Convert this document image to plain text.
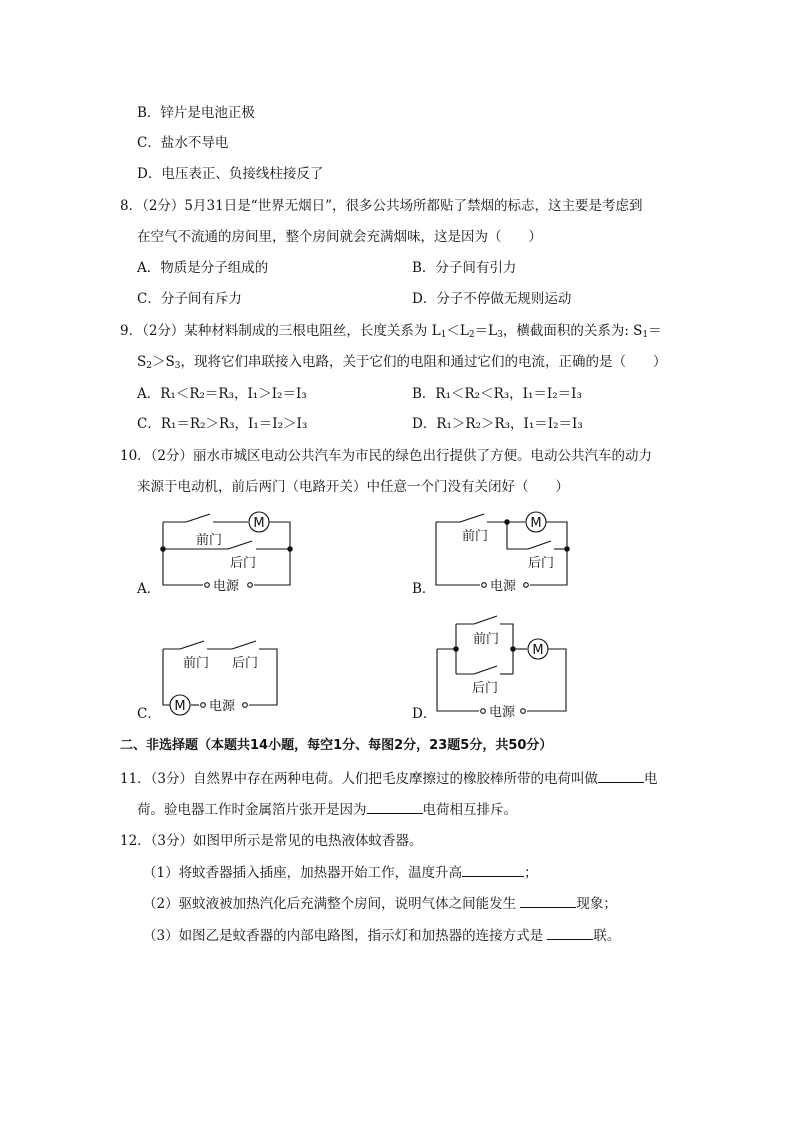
B．锌片是电池正极
C．盐水不导电
D．电压表正、负接线柱接反了
8．（2分）5月31日是“世界无烟日”，很多公共场所都贴了禁烟的标志，这主要是考虑到
在空气不流通的房间里，整个房间就会充满烟味，这是因为（　　）
A．物质是分子组成的	B．分子间有引力
C．分子间有斥力	D．分子不停做无规则运动
9．（2分）某种材料制成的三根电阻丝，长度关系为 $L_1<L_2=L_3$，横截面积的关系为: $S_1=$
$S_2>S_3$，现将它们串联接入电路，关于它们的电阻和通过它们的电流，正确的是（　　）
A．R₁＜R₂＝R₃，I₁＞I₂＝I₃	B．R₁＜R₂＜R₃，I₁＝I₂＝I₃
C．R₁＝R₂＞R₃，I₁＝I₂＞I₃	D．R₁＞R₂＞R₃，I₁＝I₂＝I₃
10．（2分）丽水市城区电动公共汽车为市民的绿色出行提供了方便。电动公共汽车的动力
来源于电动机，前后两门（电路开关）中任意一个门没有关闭好（　　）
M	M
M
M
前门
后门
前门
后门
前门 后门
前门
后门
电源	电源
电源	电源
A．	B．
C．	D．
二、非选择题（本题共14小题，每空1分、每图2分，23题5分，共50分）
11．（3分）自然界中存在两种电荷。人们把毛皮摩擦过的橡胶棒所带的电荷叫做	电
荷。验电器工作时金属箔片张开是因为	电荷相互排斥。
12．（3分）如图甲所示是常见的电热液体蚊香器。
（1）将蚊香器插入插座，加热器开始工作，温度升高	；
（2）驱蚊液被加热汽化后充满整个房间，说明气体之间能发生	现象；
（3）如图乙是蚊香器的内部电路图，指示灯和加热器的连接方式是	联。
